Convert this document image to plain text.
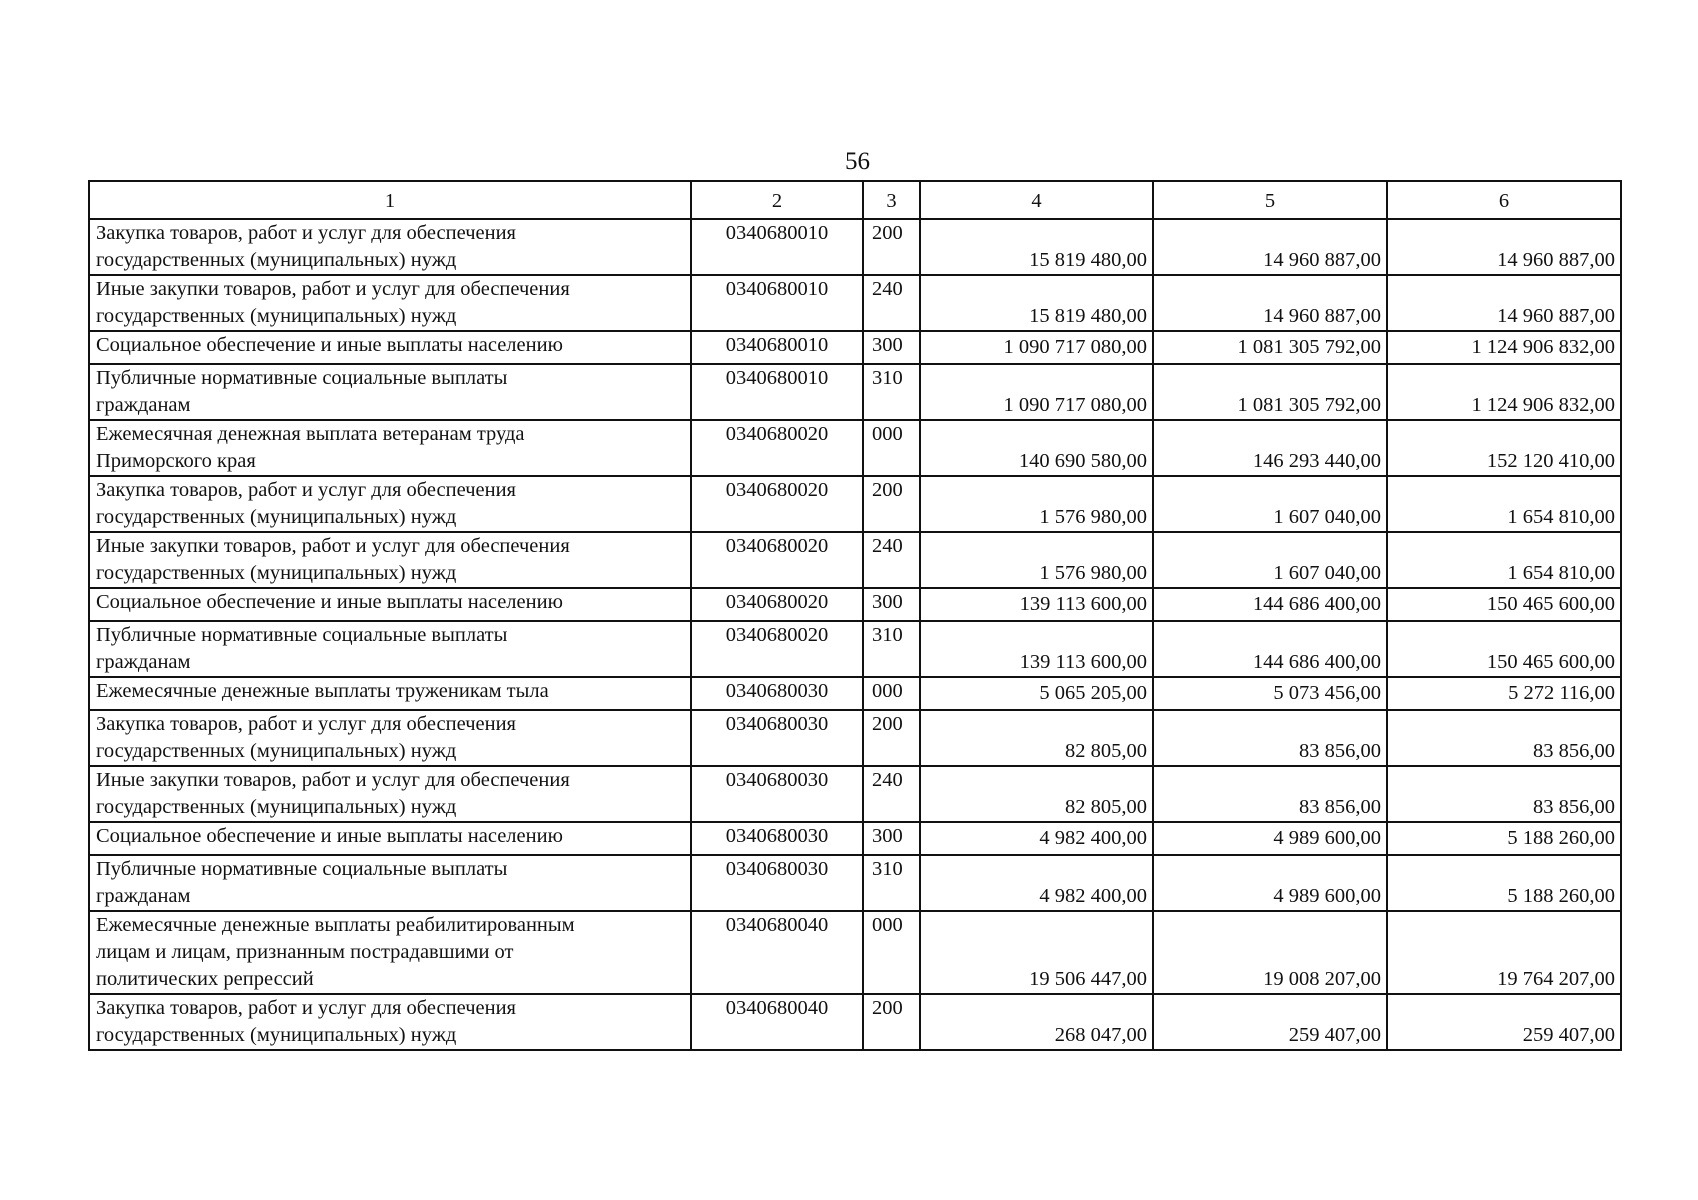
56
1	2	3	4	5	6
Закупка товаров, работ и услуг для обеспечения
государственных (муниципальных) нужд	0340680010	200	15 819 480,00	14 960 887,00	14 960 887,00
Иные закупки товаров, работ и услуг для обеспечения
государственных (муниципальных) нужд	0340680010	240	15 819 480,00	14 960 887,00	14 960 887,00
Социальное обеспечение и иные выплаты населению	0340680010	300	1 090 717 080,00	1 081 305 792,00	1 124 906 832,00
Публичные нормативные социальные выплаты
гражданам	0340680010	310	1 090 717 080,00	1 081 305 792,00	1 124 906 832,00
Ежемесячная денежная выплата ветеранам труда
Приморского края	0340680020	000	140 690 580,00	146 293 440,00	152 120 410,00
Закупка товаров, работ и услуг для обеспечения
государственных (муниципальных) нужд	0340680020	200	1 576 980,00	1 607 040,00	1 654 810,00
Иные закупки товаров, работ и услуг для обеспечения
государственных (муниципальных) нужд	0340680020	240	1 576 980,00	1 607 040,00	1 654 810,00
Социальное обеспечение и иные выплаты населению	0340680020	300	139 113 600,00	144 686 400,00	150 465 600,00
Публичные нормативные социальные выплаты
гражданам	0340680020	310	139 113 600,00	144 686 400,00	150 465 600,00
Ежемесячные денежные выплаты труженикам тыла	0340680030	000	5 065 205,00	5 073 456,00	5 272 116,00
Закупка товаров, работ и услуг для обеспечения
государственных (муниципальных) нужд	0340680030	200	82 805,00	83 856,00	83 856,00
Иные закупки товаров, работ и услуг для обеспечения
государственных (муниципальных) нужд	0340680030	240	82 805,00	83 856,00	83 856,00
Социальное обеспечение и иные выплаты населению	0340680030	300	4 982 400,00	4 989 600,00	5 188 260,00
Публичные нормативные социальные выплаты
гражданам	0340680030	310	4 982 400,00	4 989 600,00	5 188 260,00
Ежемесячные денежные выплаты реабилитированным
лицам и лицам, признанным пострадавшими от
политических репрессий	0340680040	000	19 506 447,00	19 008 207,00	19 764 207,00
Закупка товаров, работ и услуг для обеспечения
государственных (муниципальных) нужд	0340680040	200	268 047,00	259 407,00	259 407,00
